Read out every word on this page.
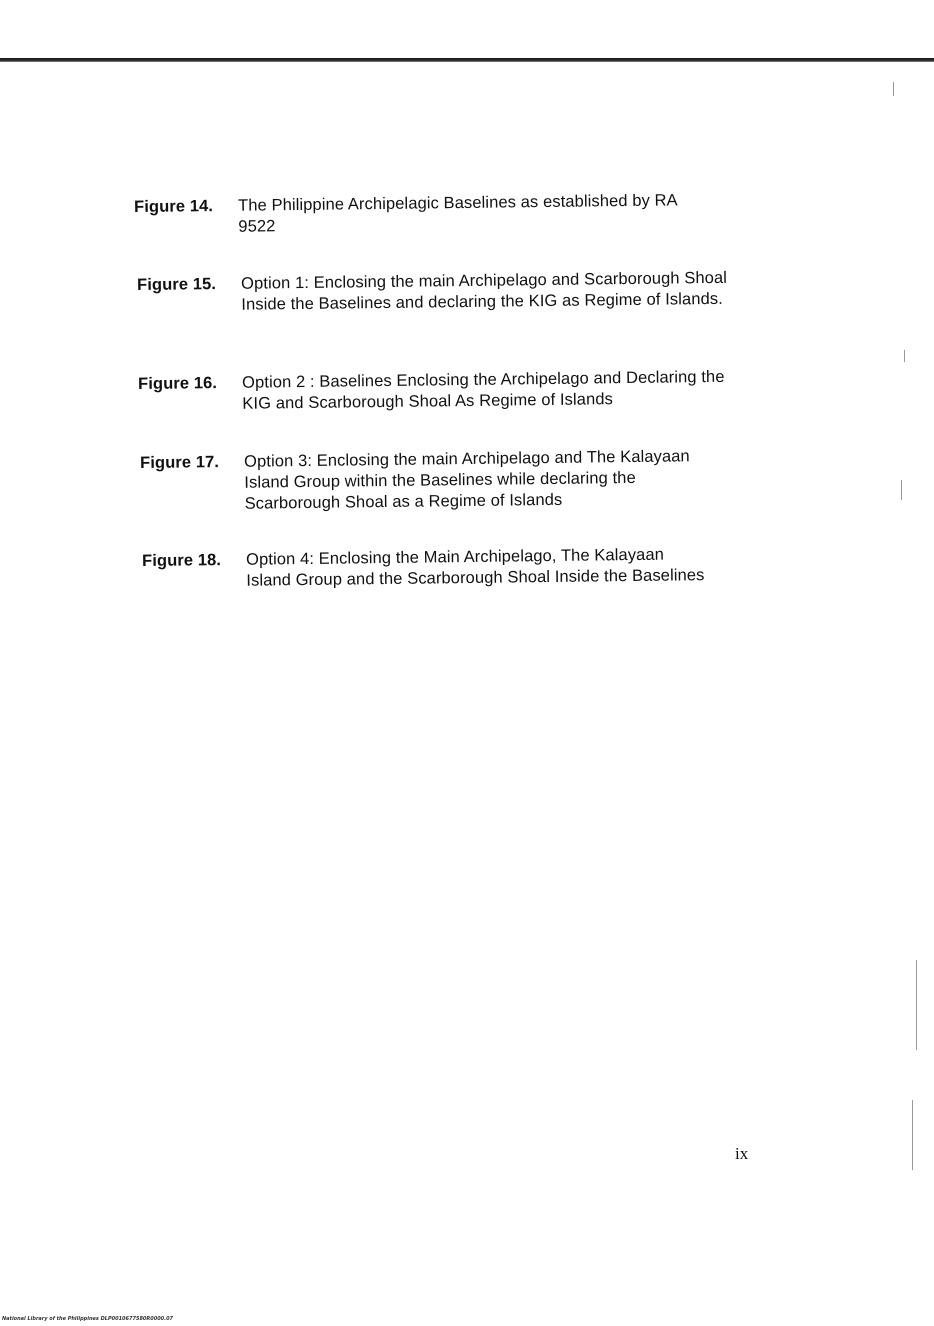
Figure 14.	The Philippine Archipelagic Baselines as established by RA 9522
Figure 15.	Option 1: Enclosing the main Archipelago and Scarborough Shoal Inside the Baselines and declaring the KIG as Regime of Islands.
Figure 16.	Option 2 : Baselines Enclosing the Archipelago and Declaring the KIG and Scarborough Shoal As Regime of Islands
Figure 17.	Option 3: Enclosing the main Archipelago and The Kalayaan Island Group within the Baselines while declaring the Scarborough Shoal as a Regime of Islands
Figure 18.	Option 4: Enclosing the Main Archipelago, The Kalayaan Island Group and the Scarborough Shoal Inside the Baselines
ix
National Library of the Philippines DLP0010677580R0000.07
